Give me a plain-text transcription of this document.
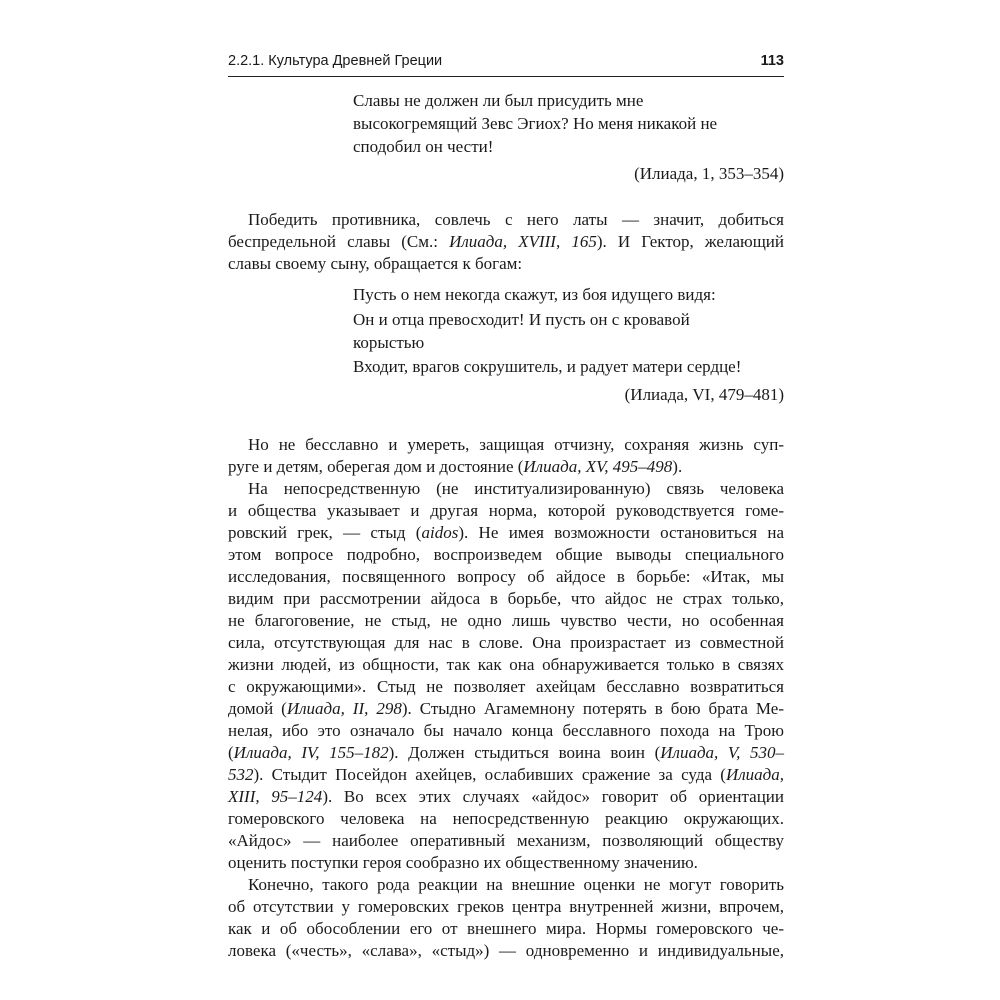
2.2.1. Культура Древней Греции	113
Славы не должен ли был присудить мне
высокогремящий Зевс Эгиох? Но меня никакой не
сподобил он чести!
(Илиада, 1, 353–354)
Победить противника, совлечь с него латы — значит, добиться
беспредельной славы (См.: Илиада, XVIII, 165). И Гектор, желающий
славы своему сыну, обращается к богам:
Пусть о нем некогда скажут, из боя идущего видя:
Он и отца превосходит! И пусть он с кровавой
корыстью
Входит, врагов сокрушитель, и радует матери сердце!
(Илиада, VI, 479–481)
Но не бесславно и умереть, защищая отчизну, сохраняя жизнь суп-
руге и детям, оберегая дом и достояние (Илиада, XV, 495–498).
На непосредственную (не институализированную) связь человека
и общества указывает и другая норма, которой руководствуется гоме-
ровский грек, — стыд (aidos). Не имея возможности остановиться на
этом вопросе подробно, воспроизведем общие выводы специального
исследования, посвященного вопросу об айдосе в борьбе: «Итак, мы
видим при рассмотрении айдоса в борьбе, что айдос не страх только,
не благоговение, не стыд, не одно лишь чувство чести, но особенная
сила, отсутствующая для нас в слове. Она произрастает из совместной
жизни людей, из общности, так как она обнаруживается только в связях
с окружающими». Стыд не позволяет ахейцам бесславно возвратиться
домой (Илиада, II, 298). Стыдно Агамемнону потерять в бою брата Ме-
нелая, ибо это означало бы начало конца бесславного похода на Трою
(Илиада, IV, 155–182). Должен стыдиться воина воин (Илиада, V, 530–
532). Стыдит Посейдон ахейцев, ослабивших сражение за суда (Илиада,
XIII, 95–124). Во всех этих случаях «айдос» говорит об ориентации
гомеровского человека на непосредственную реакцию окружающих.
«Айдос» — наиболее оперативный механизм, позволяющий обществу
оценить поступки героя сообразно их общественному значению.
Конечно, такого рода реакции на внешние оценки не могут говорить
об отсутствии у гомеровских греков центра внутренней жизни, впрочем,
как и об обособлении его от внешнего мира. Нормы гомеровского че-
ловека («честь», «слава», «стыд») — одновременно и индивидуальные,
